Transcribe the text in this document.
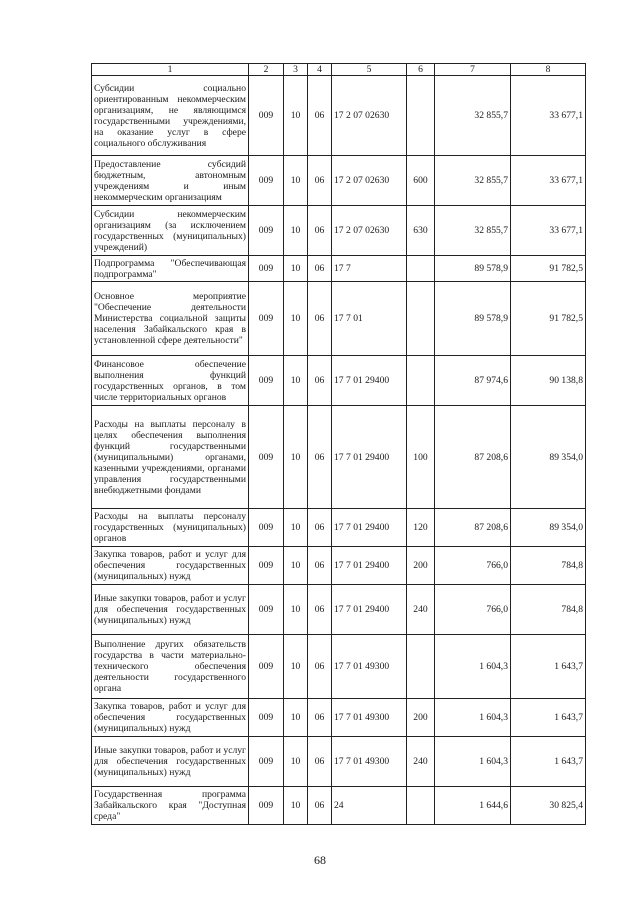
1	2	3	4	5	6	7	8
Субсидии социально ориентированным некоммерческим организациям, не являющимся государственными учреждениями, на оказание услуг в сфере социального обслуживания	009	10	06	17 2 07 02630		32 855,7	33 677,1
Предоставление субсидий бюджетным, автономным учреждениям и иным некоммерческим организациям	009	10	06	17 2 07 02630	600	32 855,7	33 677,1
Субсидии некоммерческим организациям (за исключением государственных (муниципальных) учреждений)	009	10	06	17 2 07 02630	630	32 855,7	33 677,1
Подпрограмма "Обеспечивающая подпрограмма"	009	10	06	17 7		89 578,9	91 782,5
Основное мероприятие "Обеспечение деятельности Министерства социальной защиты населения Забайкальского края в установленной сфере деятельности"	009	10	06	17 7 01		89 578,9	91 782,5
Финансовое обеспечение выполнения функций государственных органов, в том числе территориальных органов	009	10	06	17 7 01 29400		87 974,6	90 138,8
Расходы на выплаты персоналу в целях обеспечения выполнения функций государственными (муниципальными) органами, казенными учреждениями, органами управления государственными внебюджетными фондами	009	10	06	17 7 01 29400	100	87 208,6	89 354,0
Расходы на выплаты персоналу государственных (муниципальных) органов	009	10	06	17 7 01 29400	120	87 208,6	89 354,0
Закупка товаров, работ и услуг для обеспечения государственных (муниципальных) нужд	009	10	06	17 7 01 29400	200	766,0	784,8
Иные закупки товаров, работ и услуг для обеспечения государственных (муниципальных) нужд	009	10	06	17 7 01 29400	240	766,0	784,8
Выполнение других обязательств государства в части материально-технического обеспечения деятельности государственного органа	009	10	06	17 7 01 49300		1 604,3	1 643,7
Закупка товаров, работ и услуг для обеспечения государственных (муниципальных) нужд	009	10	06	17 7 01 49300	200	1 604,3	1 643,7
Иные закупки товаров, работ и услуг для обеспечения государственных (муниципальных) нужд	009	10	06	17 7 01 49300	240	1 604,3	1 643,7
Государственная программа Забайкальского края "Доступная среда"	009	10	06	24		1 644,6	30 825,4
68
